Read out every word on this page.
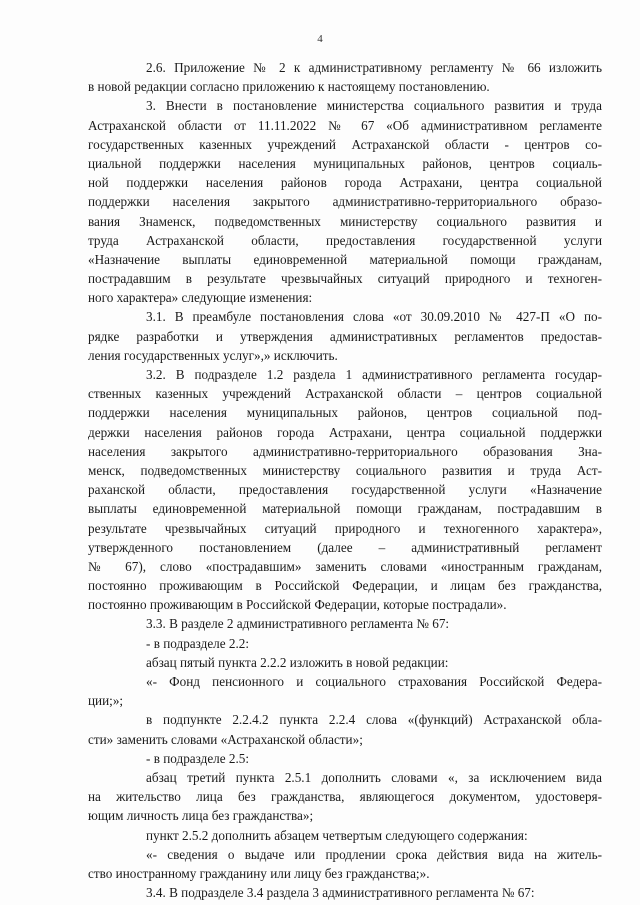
4
2.6. Приложение № 2 к административному регламенту № 66 изложить
в новой редакции согласно приложению к настоящему постановлению.
3. Внести в постановление министерства социального развития и труда
Астраханской области от 11.11.2022 № 67 «Об административном регламенте
государственных казенных учреждений Астраханской области - центров со-
циальной поддержки населения муниципальных районов, центров социаль-
ной поддержки населения районов города Астрахани, центра социальной
поддержки населения закрытого административно-территориального образо-
вания Знаменск, подведомственных министерству социального развития и
труда Астраханской области, предоставления государственной услуги
«Назначение выплаты единовременной материальной помощи гражданам,
пострадавшим в результате чрезвычайных ситуаций природного и техноген-
ного характера» следующие изменения:
3.1. В преамбуле постановления слова «от 30.09.2010 № 427-П «О по-
рядке разработки и утверждения административных регламентов предостав-
ления государственных услуг»,» исключить.
3.2. В подразделе 1.2 раздела 1 административного регламента государ-
ственных казенных учреждений Астраханской области – центров социальной
поддержки населения муниципальных районов, центров социальной под-
держки населения районов города Астрахани, центра социальной поддержки
населения закрытого административно-территориального образования Зна-
менск, подведомственных министерству социального развития и труда Аст-
раханской области, предоставления государственной услуги «Назначение
выплаты единовременной материальной помощи гражданам, пострадавшим в
результате чрезвычайных ситуаций природного и техногенного характера»,
утвержденного постановлением (далее – административный регламент
№ 67), слово «пострадавшим» заменить словами «иностранным гражданам,
постоянно проживающим в Российской Федерации, и лицам без гражданства,
постоянно проживающим в Российской Федерации, которые пострадали».
3.3. В разделе 2 административного регламента № 67:
- в подразделе 2.2:
абзац пятый пункта 2.2.2 изложить в новой редакции:
«- Фонд пенсионного и социального страхования Российской Федера-
ции;»;
в подпункте 2.2.4.2 пункта 2.2.4 слова «(функций) Астраханской обла-
сти» заменить словами «Астраханской области»;
- в подразделе 2.5:
абзац третий пункта 2.5.1 дополнить словами «, за исключением вида
на жительство лица без гражданства, являющегося документом, удостоверя-
ющим личность лица без гражданства»;
пункт 2.5.2 дополнить абзацем четвертым следующего содержания:
«- сведения о выдаче или продлении срока действия вида на житель-
ство иностранному гражданину или лицу без гражданства;».
3.4. В подразделе 3.4 раздела 3 административного регламента № 67:
